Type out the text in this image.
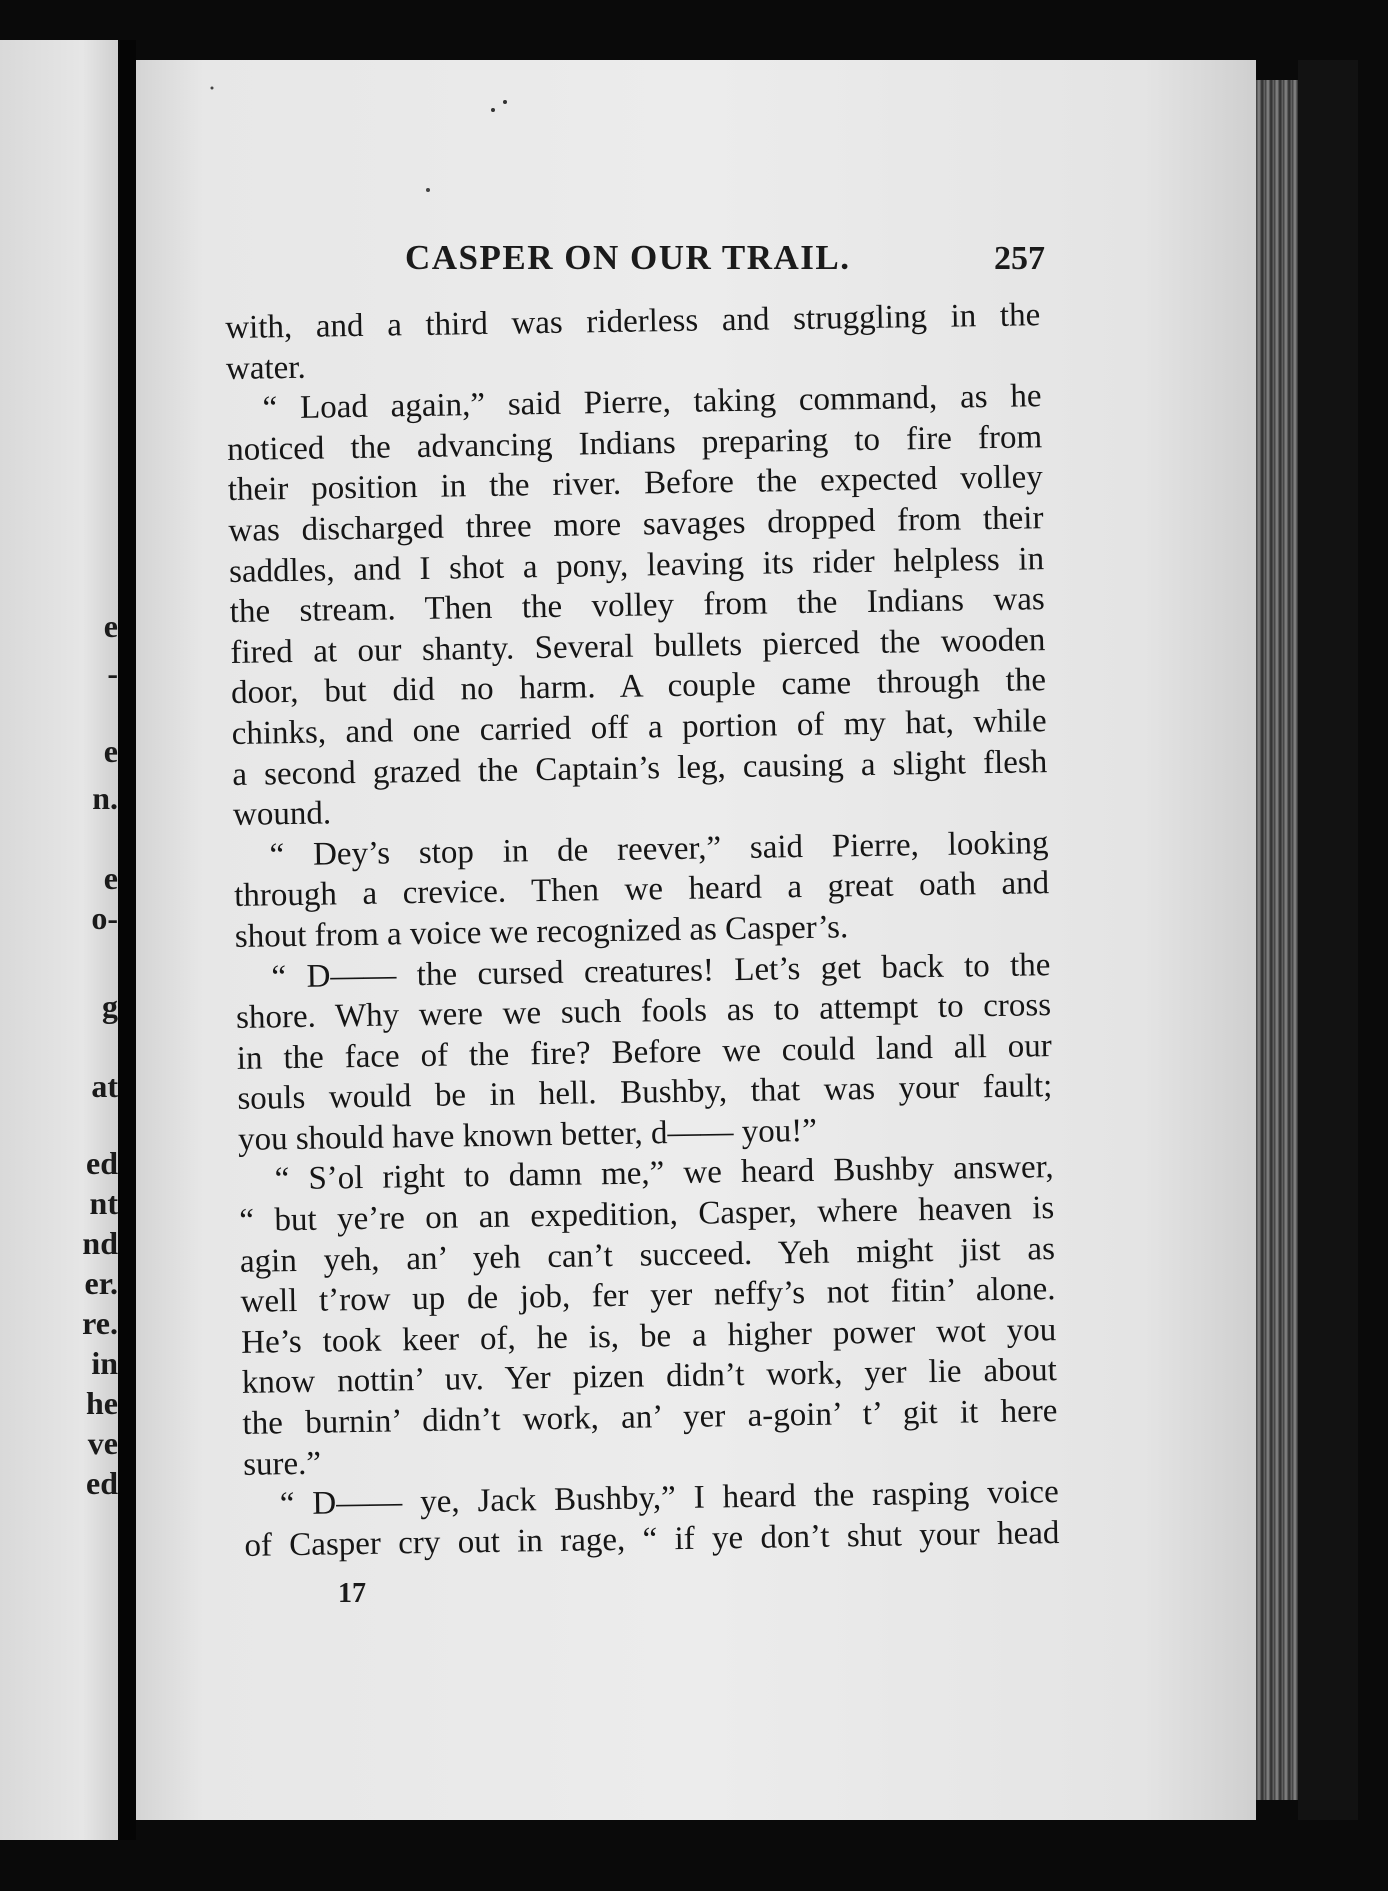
e
-
e
n.
e
o-
g
at
ed
nt
nd
er.
re.
in
he
ve
ed
CASPER ON OUR TRAIL.	257
with, and a third was riderless and struggling in the
water.
“ Load again,” said Pierre, taking command, as he
noticed the advancing Indians preparing to fire from
their position in the river. Before the expected volley
was discharged three more savages dropped from their
saddles, and I shot a pony, leaving its rider helpless in
the stream. Then the volley from the Indians was
fired at our shanty. Several bullets pierced the wooden
door, but did no harm. A couple came through the
chinks, and one carried off a portion of my hat, while
a second grazed the Captain’s leg, causing a slight flesh
wound.
“ Dey’s stop in de reever,” said Pierre, looking
through a crevice. Then we heard a great oath and
shout from a voice we recognized as Casper’s.
“ D—— the cursed creatures! Let’s get back to the
shore. Why were we such fools as to attempt to cross
in the face of the fire? Before we could land all our
souls would be in hell. Bushby, that was your fault;
you should have known better, d—— you!”
“ S’ol right to damn me,” we heard Bushby answer,
“ but ye’re on an expedition, Casper, where heaven is
agin yeh, an’ yeh can’t succeed. Yeh might jist as
well t’row up de job, fer yer neffy’s not fitin’ alone.
He’s took keer of, he is, be a higher power wot you
know nottin’ uv. Yer pizen didn’t work, yer lie about
the burnin’ didn’t work, an’ yer a-goin’ t’ git it here
sure.”
“ D—— ye, Jack Bushby,” I heard the rasping voice
of Casper cry out in rage, “ if ye don’t shut your head
17
